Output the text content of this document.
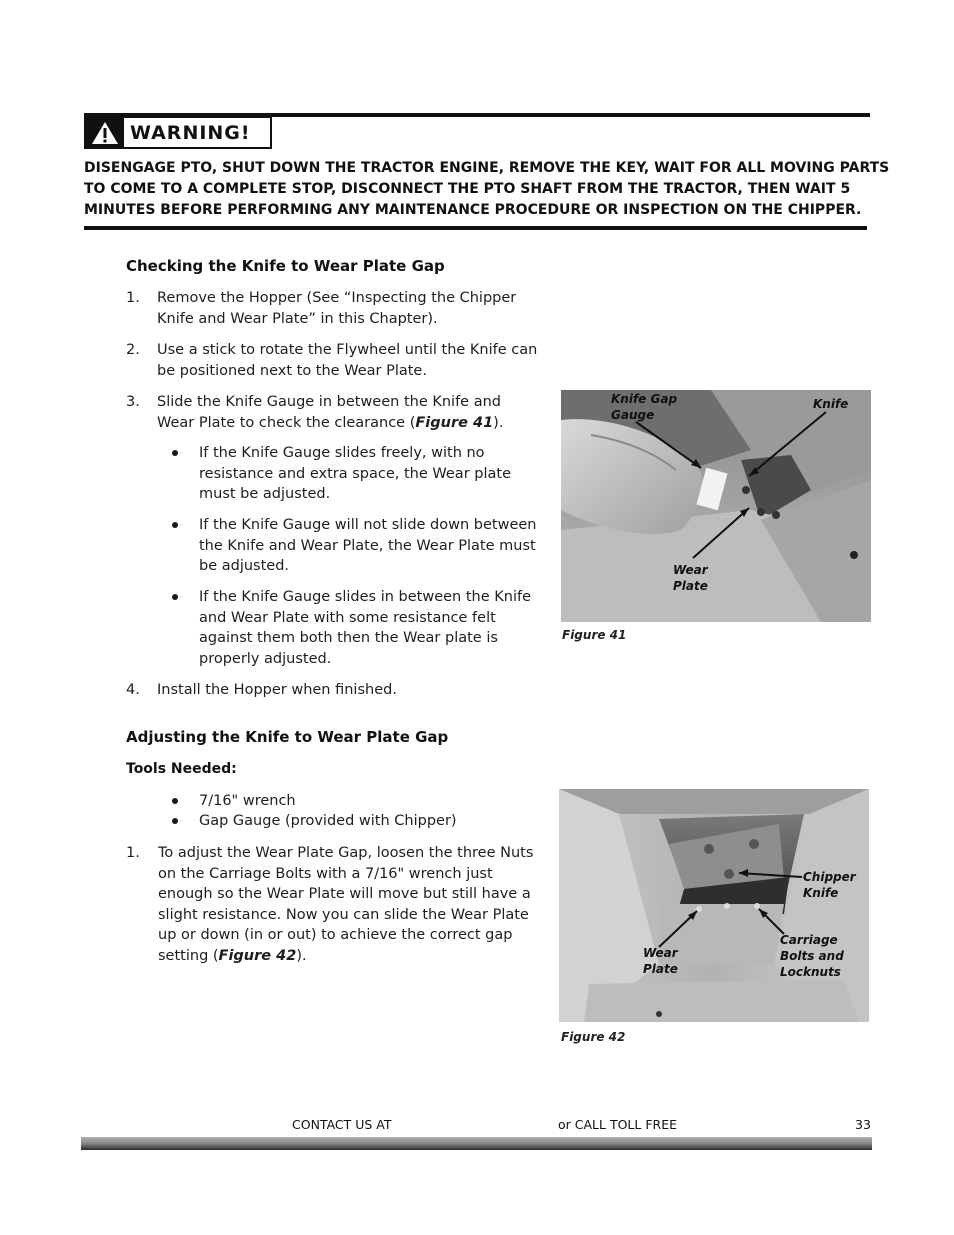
WARNING!
DISENGAGE PTO, SHUT DOWN THE TRACTOR ENGINE, REMOVE THE KEY, WAIT FOR ALL MOVING PARTS TO COME TO A COMPLETE STOP, DISCONNECT THE PTO SHAFT FROM THE TRACTOR, THEN WAIT 5 MINUTES BEFORE PERFORMING ANY MAINTENANCE PROCEDURE OR INSPECTION ON THE CHIPPER.
Checking the Knife to Wear Plate Gap
1. Remove the Hopper (See “Inspecting the Chipper Knife and Wear Plate” in this Chapter).
2. Use a stick to rotate the Flywheel until the Knife can be positioned next to the Wear Plate.
3. Slide the Knife Gauge in between the Knife and Wear Plate to check the clearance (Figure 41).
If the Knife Gauge slides freely, with no resistance and extra space, the Wear plate must be adjusted.
If the Knife Gauge will not slide down between the Knife and Wear Plate, the Wear Plate must be adjusted.
If the Knife Gauge slides in between the Knife and Wear Plate with some resistance felt against them both then the Wear plate is properly adjusted.
4. Install the Hopper when finished.
Knife Gap Gauge
Knife
Wear Plate
Figure 41
Adjusting the Knife to Wear Plate Gap
Tools Needed:
7/16" wrench
Gap Gauge (provided with Chipper)
1. To adjust the Wear Plate Gap, loosen the three Nuts on the Carriage Bolts with a 7/16" wrench just enough so the Wear Plate will move but still have a slight resistance. Now you can slide the Wear Plate up or down (in or out) to achieve the correct gap setting (Figure 42).
Chipper Knife
Carriage Bolts and Locknuts
Wear Plate
Figure 42
CONTACT US AT	or CALL TOLL FREE	33
